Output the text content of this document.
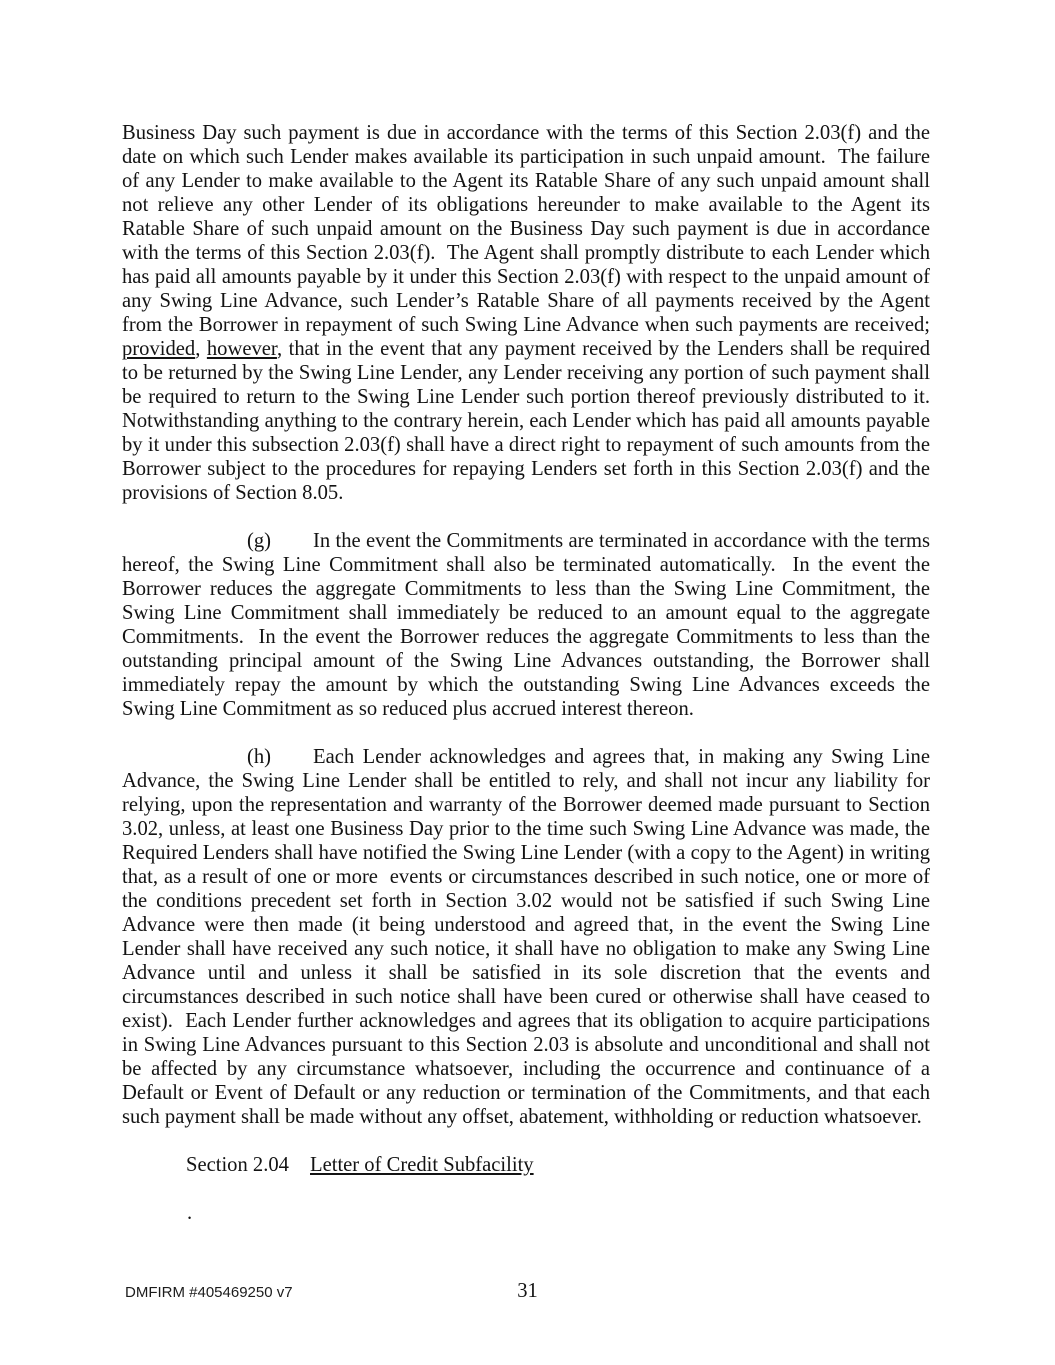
Business Day such payment is due in accordance with the terms of this Section 2.03(f) and the date on which such Lender makes available its participation in such unpaid amount.  The failure of any Lender to make available to the Agent its Ratable Share of any such unpaid amount shall not relieve any other Lender of its obligations hereunder to make available to the Agent its Ratable Share of such unpaid amount on the Business Day such payment is due in accordance with the terms of this Section 2.03(f).  The Agent shall promptly distribute to each Lender which has paid all amounts payable by it under this Section 2.03(f) with respect to the unpaid amount of any Swing Line Advance, such Lender’s Ratable Share of all payments received by the Agent from the Borrower in repayment of such Swing Line Advance when such payments are received; provided, however, that in the event that any payment received by the Lenders shall be required to be returned by the Swing Line Lender, any Lender receiving any portion of such payment shall be required to return to the Swing Line Lender such portion thereof previously distributed to it.  Notwithstanding anything to the contrary herein, each Lender which has paid all amounts payable by it under this subsection 2.03(f) shall have a direct right to repayment of such amounts from the Borrower subject to the procedures for repaying Lenders set forth in this Section 2.03(f) and the provisions of Section 8.05.

(g) In the event the Commitments are terminated in accordance with the terms hereof, the Swing Line Commitment shall also be terminated automatically.  In the event the Borrower reduces the aggregate Commitments to less than the Swing Line Commitment, the Swing Line Commitment shall immediately be reduced to an amount equal to the aggregate Commitments.  In the event the Borrower reduces the aggregate Commitments to less than the outstanding principal amount of the Swing Line Advances outstanding, the Borrower shall immediately repay the amount by which the outstanding Swing Line Advances exceeds the Swing Line Commitment as so reduced plus accrued interest thereon.

(h) Each Lender acknowledges and agrees that, in making any Swing Line Advance, the Swing Line Lender shall be entitled to rely, and shall not incur any liability for relying, upon the representation and warranty of the Borrower deemed made pursuant to Section 3.02, unless, at least one Business Day prior to the time such Swing Line Advance was made, the Required Lenders shall have notified the Swing Line Lender (with a copy to the Agent) in writing that, as a result of one or more  events or circumstances described in such notice, one or more of the conditions precedent set forth in Section 3.02 would not be satisfied if such Swing Line Advance were then made (it being understood and agreed that, in the event the Swing Line Lender shall have received any such notice, it shall have no obligation to make any Swing Line Advance until and unless it shall be satisfied in its sole discretion that the events and circumstances described in such notice shall have been cured or otherwise shall have ceased to exist).  Each Lender further acknowledges and agrees that its obligation to acquire participations in Swing Line Advances pursuant to this Section 2.03 is absolute and unconditional and shall not be affected by any circumstance whatsoever, including the occurrence and continuance of a Default or Event of Default or any reduction or termination of the Commitments, and that each such payment shall be made without any offset, abatement, withholding or reduction whatsoever.

Section 2.04 Letter of Credit Subfacility

.

DMFIRM #405469250 v7	31
